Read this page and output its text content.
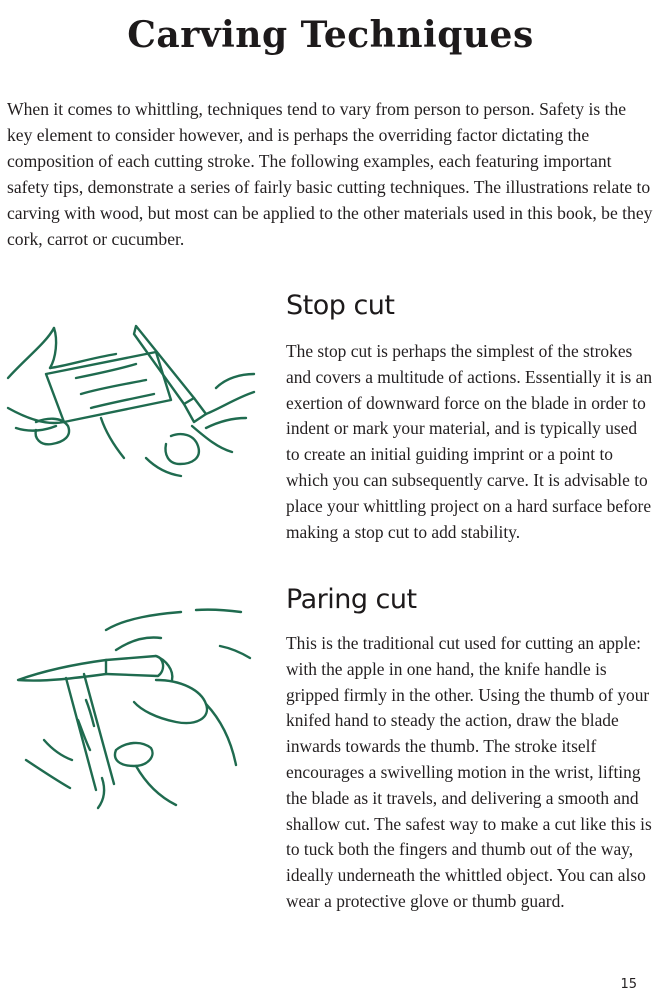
Carving Techniques

When it comes to whittling, techniques tend to vary from person to person. Safety is the key element to consider however, and is perhaps the overriding factor dictating the composition of each cutting stroke. The following examples, each featuring important safety tips, demonstrate a series of fairly basic cutting techniques. The illustrations relate to carving with wood, but most can be applied to the other materials used in this book, be they cork, carrot or cucumber.

Stop cut

The stop cut is perhaps the simplest of the strokes and covers a multitude of actions. Essentially it is an exertion of downward force on the blade in order to indent or mark your material, and is typically used to create an initial guiding imprint or a point to which you can subsequently carve. It is advisable to place your whittling project on a hard surface before making a stop cut to add stability.

Paring cut

This is the traditional cut used for cutting an apple: with the apple in one hand, the knife handle is gripped firmly in the other. Using the thumb of your knifed hand to steady the action, draw the blade inwards towards the thumb. The stroke itself encourages a swivelling motion in the wrist, lifting the blade as it travels, and delivering a smooth and shallow cut. The safest way to make a cut like this is to tuck both the fingers and thumb out of the way, ideally underneath the whittled object. You can also wear a protective glove or thumb guard.

15
